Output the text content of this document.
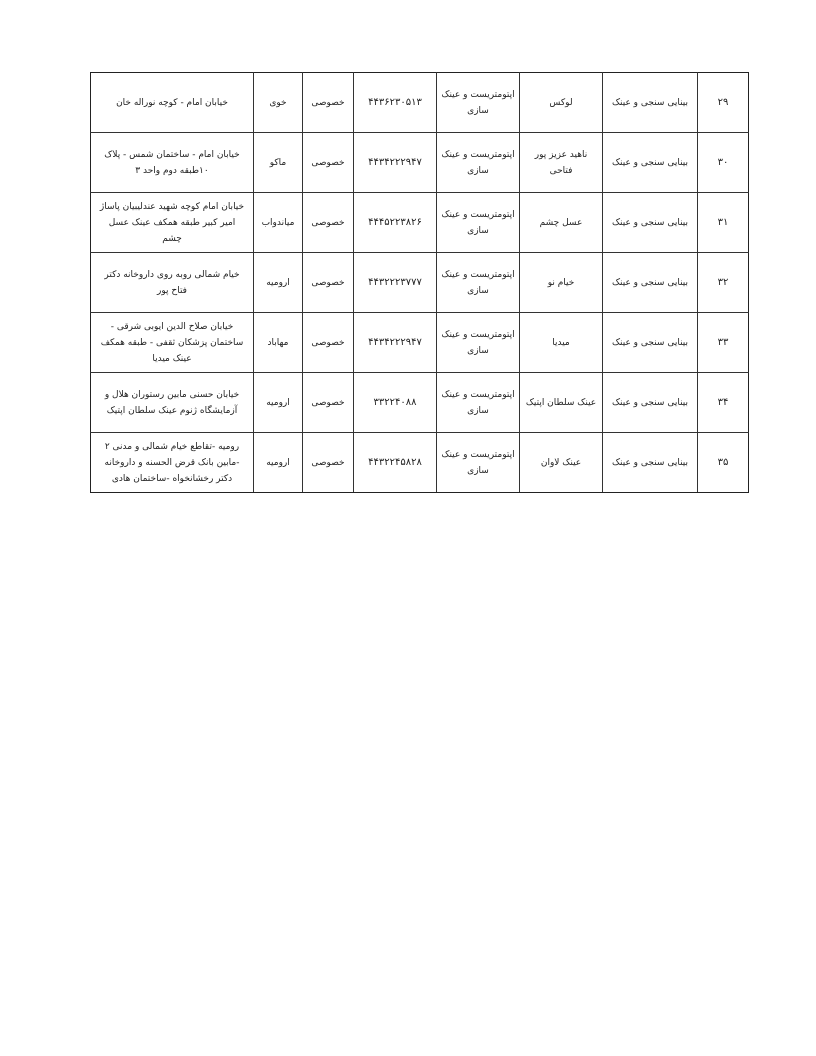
۲۹	بینایی سنجی و عینک	لوکس	اپتومتریست و عینک سازی	۴۴۳۶۲۳۰۵۱۳	خصوصی	خوی	خیابان امام - کوچه نوراله خان
۳۰	بینایی سنجی و عینک	ناهید عزیز پور فتاحی	اپتومتریست و عینک سازی	۴۴۳۴۲۲۲۹۴۷	خصوصی	ماکو	خیابان امام - ساختمان شمس - پلاک ۱۰طبقه دوم واحد ۳
۳۱	بینایی سنجی و عینک	عسل چشم	اپتومتریست و عینک سازی	۴۴۴۵۲۲۳۸۲۶	خصوصی	میاندواب	خیابان امام کوچه شهید عندلیبیان پاساژ امیر کبیر طبقه همکف عینک عسل چشم
۳۲	بینایی سنجی و عینک	خیام نو	اپتومتریست و عینک سازی	۴۴۳۲۲۲۳۷۷۷	خصوصی	ارومیه	خیام شمالی روبه روی داروخانه دکتر فتاح پور
۳۳	بینایی سنجی و عینک	میدیا	اپتومتریست و عینک سازی	۴۴۳۴۲۲۲۹۴۷	خصوصی	مهاباد	خیابان صلاح الدین ایوبی شرقی - ساختمان پزشکان ثقفی - طبقه همکف عینک میدیا
۳۴	بینایی سنجی و عینک	عینک سلطان اپتیک	اپتومتریست و عینک سازی	۳۳۲۲۴۰۸۸	خصوصی	ارومیه	خیابان حسنی مابین رستوران هلال و آزمایشگاه ژنوم عینک سلطان اپتیک
۳۵	بینایی سنجی و عینک	عینک لاوان	اپتومتریست و عینک سازی	۴۴۳۲۲۴۵۸۲۸	خصوصی	ارومیه	رومیه -تقاطع خیام شمالی و مدنی ۲ -مابین بانک قرض الحسنه و داروخانه دکتر رخشانخواه -ساختمان هادی
